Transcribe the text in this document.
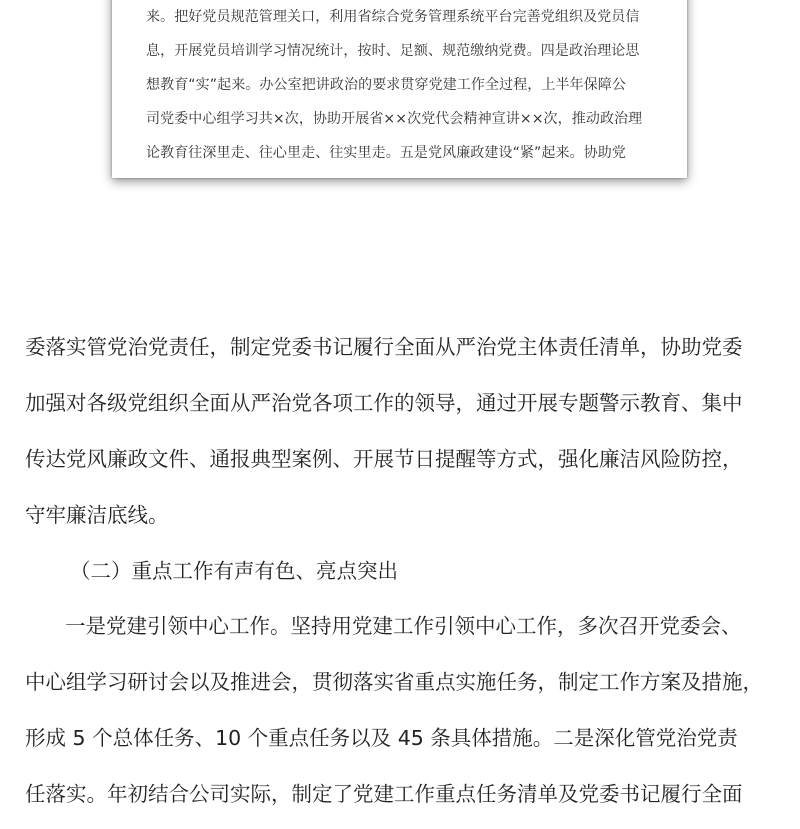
来。把好党员规范管理关口，利用省综合党务管理系统平台完善党组织及党员信
息，开展党员培训学习情况统计，按时、足额、规范缴纳党费。四是政治理论思
想教育“实”起来。办公室把讲政治的要求贯穿党建工作全过程，上半年保障公
司党委中心组学习共×次，协助开展省××次党代会精神宣讲××次，推动政治理
论教育往深里走、往心里走、往实里走。五是党风廉政建设“紧”起来。协助党
委落实管党治党责任，制定党委书记履行全面从严治党主体责任清单，协助党委
加强对各级党组织全面从严治党各项工作的领导，通过开展专题警示教育、集中
传达党风廉政文件、通报典型案例、开展节日提醒等方式，强化廉洁风险防控，
守牢廉洁底线。
（二）重点工作有声有色、亮点突出
一是党建引领中心工作。坚持用党建工作引领中心工作，多次召开党委会、
中心组学习研讨会以及推进会，贯彻落实省重点实施任务，制定工作方案及措施，
形成 5 个总体任务、10 个重点任务以及 45 条具体措施。二是深化管党治党责
任落实。年初结合公司实际，制定了党建工作重点任务清单及党委书记履行全面
